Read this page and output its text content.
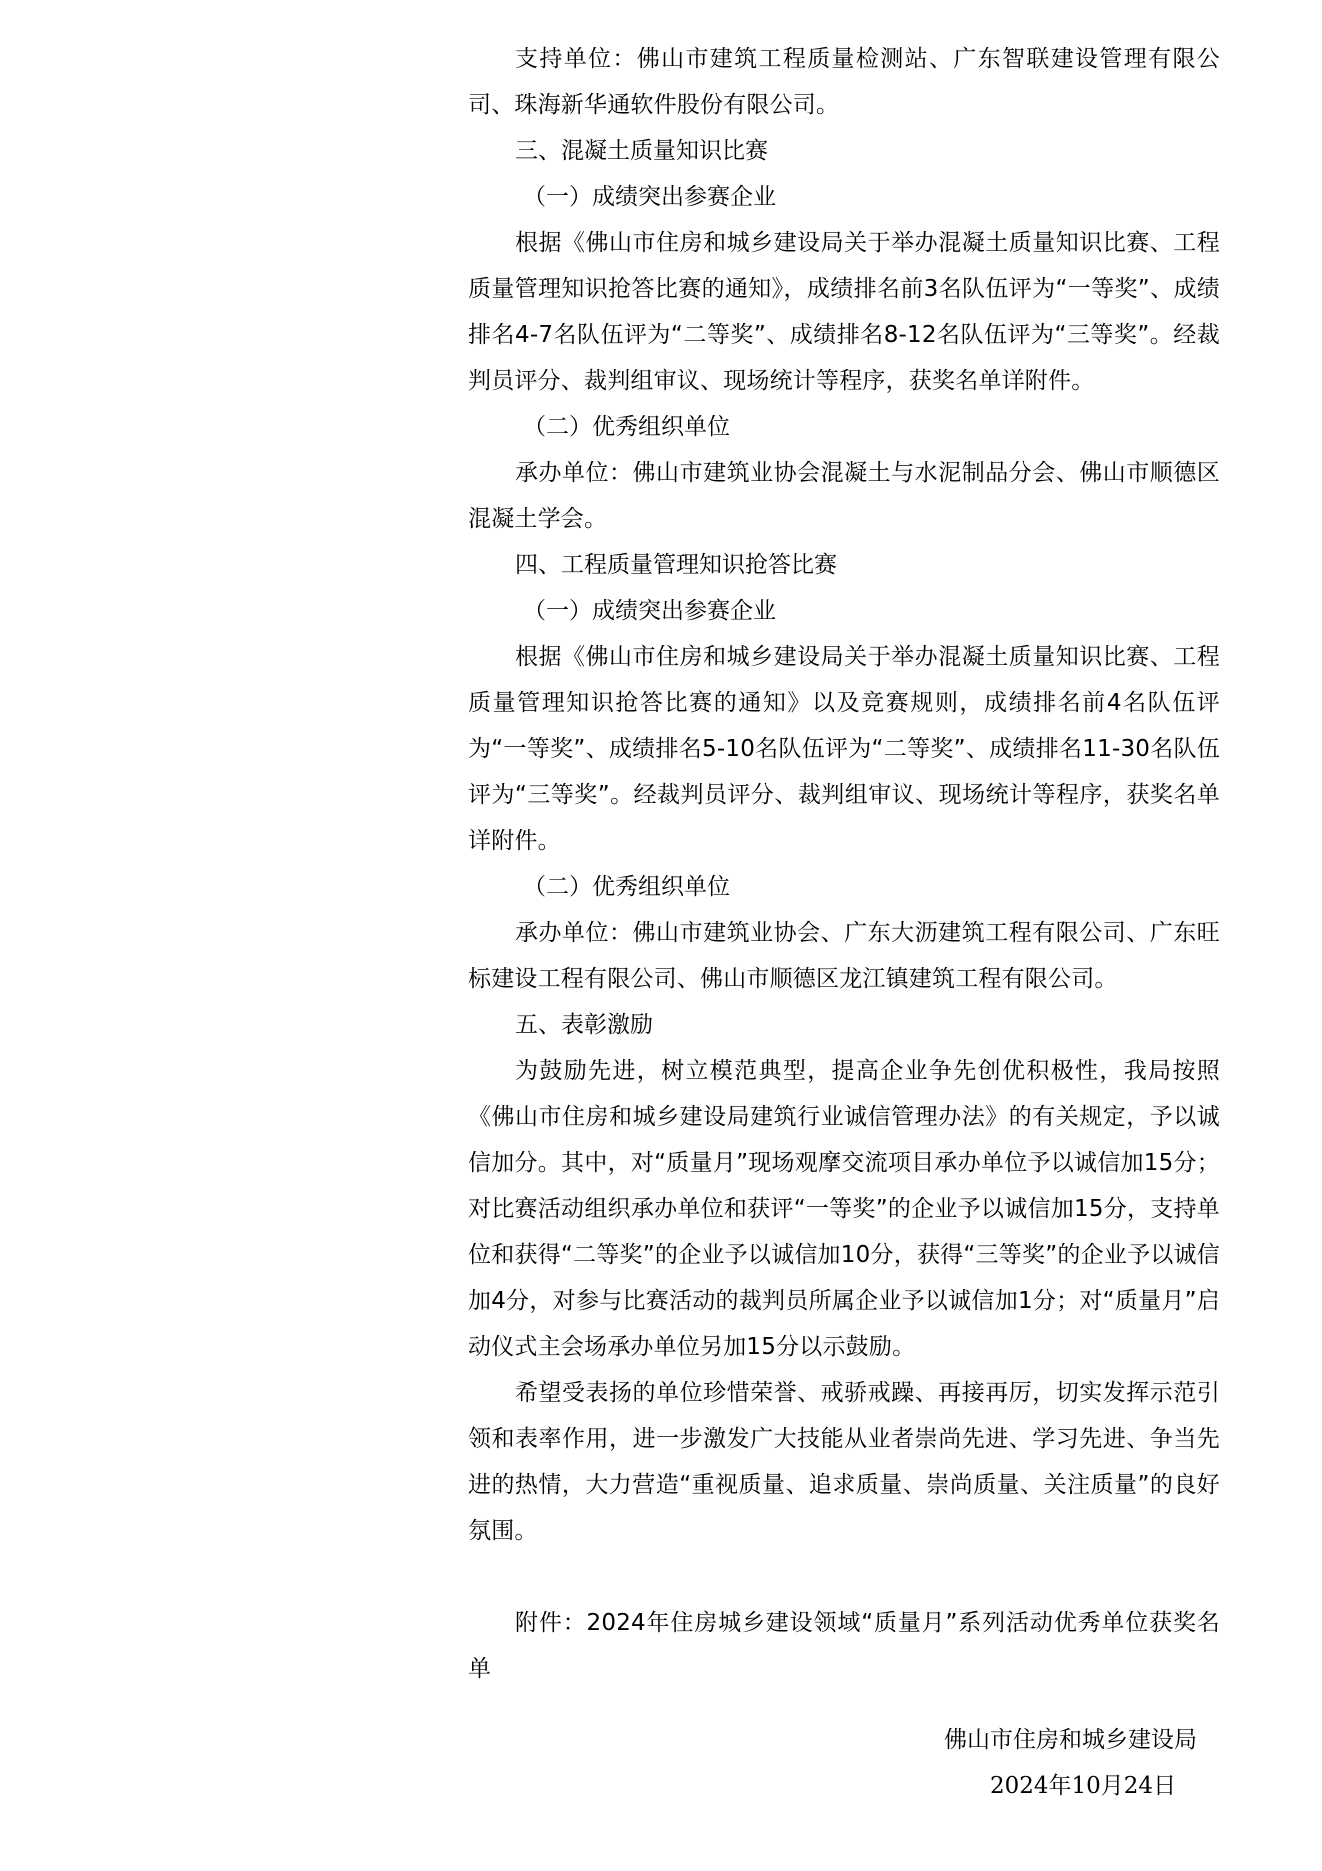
支持单位：佛山市建筑工程质量检测站、广东智联建设管理有限公司、珠海新华通软件股份有限公司。

三、混凝土质量知识比赛

（一）成绩突出参赛企业

根据《佛山市住房和城乡建设局关于举办混凝土质量知识比赛、工程质量管理知识抢答比赛的通知》，成绩排名前3名队伍评为“一等奖”、成绩排名4-7名队伍评为“二等奖”、成绩排名8-12名队伍评为“三等奖”。经裁判员评分、裁判组审议、现场统计等程序，获奖名单详附件。

（二）优秀组织单位

承办单位：佛山市建筑业协会混凝土与水泥制品分会、佛山市顺德区混凝土学会。

四、工程质量管理知识抢答比赛

（一）成绩突出参赛企业

根据《佛山市住房和城乡建设局关于举办混凝土质量知识比赛、工程质量管理知识抢答比赛的通知》以及竞赛规则，成绩排名前4名队伍评为“一等奖”、成绩排名5-10名队伍评为“二等奖”、成绩排名11-30名队伍评为“三等奖”。经裁判员评分、裁判组审议、现场统计等程序，获奖名单详附件。

（二）优秀组织单位

承办单位：佛山市建筑业协会、广东大沥建筑工程有限公司、广东旺标建设工程有限公司、佛山市顺德区龙江镇建筑工程有限公司。

五、表彰激励

为鼓励先进，树立模范典型，提高企业争先创优积极性，我局按照《佛山市住房和城乡建设局建筑行业诚信管理办法》的有关规定，予以诚信加分。其中，对“质量月”现场观摩交流项目承办单位予以诚信加15分；对比赛活动组织承办单位和获评“一等奖”的企业予以诚信加15分，支持单位和获得“二等奖”的企业予以诚信加10分，获得“三等奖”的企业予以诚信加4分，对参与比赛活动的裁判员所属企业予以诚信加1分；对“质量月”启动仪式主会场承办单位另加15分以示鼓励。

希望受表扬的单位珍惜荣誉、戒骄戒躁、再接再厉，切实发挥示范引领和表率作用，进一步激发广大技能从业者崇尚先进、学习先进、争当先进的热情，大力营造“重视质量、追求质量、崇尚质量、关注质量”的良好氛围。

附件：2024年住房城乡建设领域“质量月”系列活动优秀单位获奖名单

佛山市住房和城乡建设局

2024年10月24日
